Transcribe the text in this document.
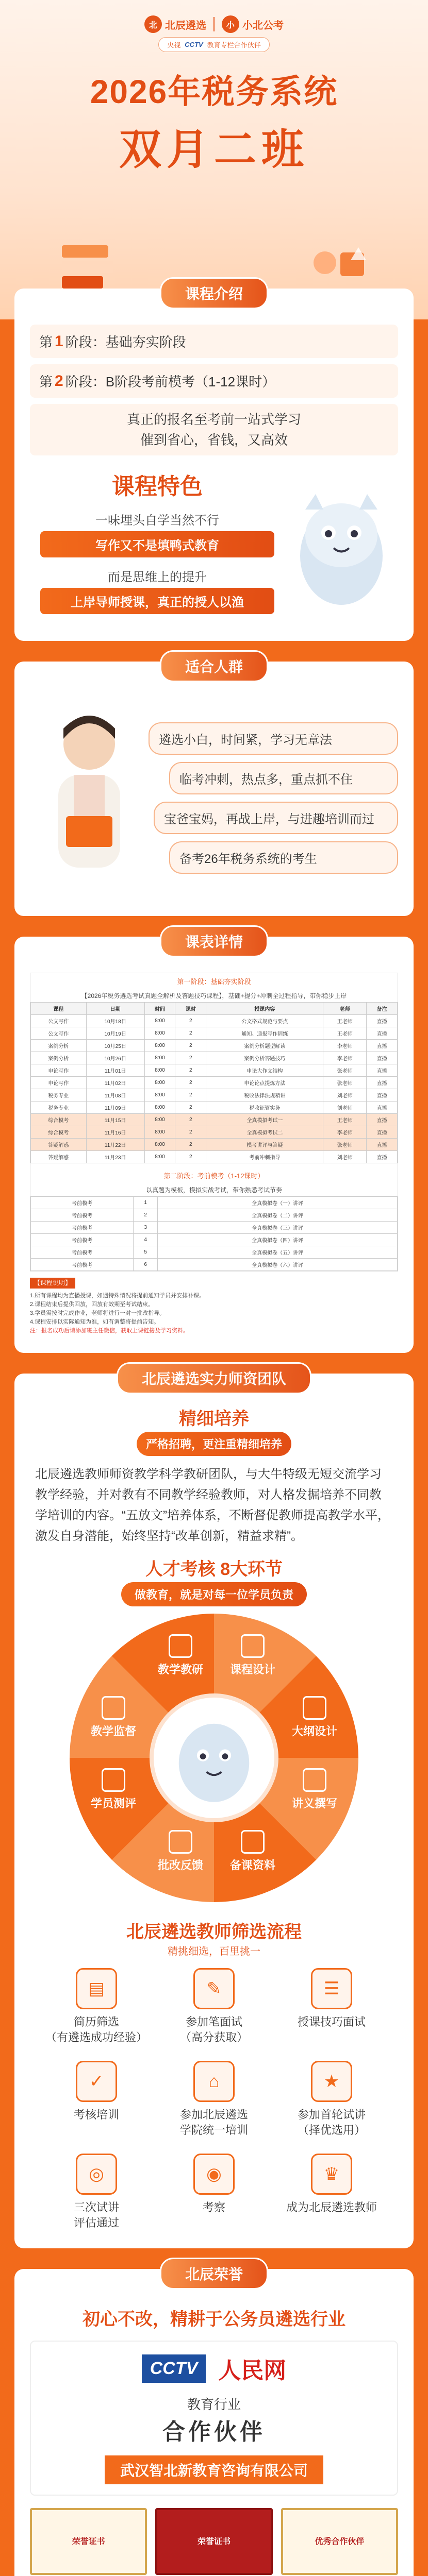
北 北辰遴选	小 小北公考
央视 CCTV 教育专栏合作伙伴
2026年税务系统
双月二班
课程介绍
第 1 阶段： 基础夯实阶段
第 2 阶段： B阶段考前模考（1-12课时）
真正的报名至考前一站式学习
催到省心，省钱，又高效
课程特色
一味埋头自学当然不行
写作又不是填鸭式教育
而是思维上的提升
上岸导师授课，真正的授人以渔
适合人群
遴选小白，时间紧，学习无章法
临考冲刺，热点多，重点抓不住
宝爸宝妈，再战上岸，与进趣培训而过
备考26年税务系统的考生
课表详情
第一阶段：基础夯实阶段
【2026年税务遴选考试真题全解析及答题技巧课程】，基础+提分+冲刺全过程指导，带你稳步上岸
课程	日期	时间	课时	授课内容	老师	备注
公文写作	10月18日	8:00	2	公文格式规范与要点	王老师	直播
公文写作	10月19日	8:00	2	通知、通报写作训练	王老师	直播
案例分析	10月25日	8:00	2	案例分析题型解读	李老师	直播
案例分析	10月26日	8:00	2	案例分析答题技巧	李老师	直播
申论写作	11月01日	8:00	2	申论大作文结构	张老师	直播
申论写作	11月02日	8:00	2	申论论点提炼方法	张老师	直播
税务专业	11月08日	8:00	2	税收法律法规精讲	刘老师	直播
税务专业	11月09日	8:00	2	税收征管实务	刘老师	直播
综合模考	11月15日	8:00	2	全真模拟考试一	王老师	直播
综合模考	11月16日	8:00	2	全真模拟考试二	李老师	直播
答疑解惑	11月22日	8:00	2	模考讲评与答疑	张老师	直播
答疑解惑	11月23日	8:00	2	考前冲刺指导	刘老师	直播
第二阶段：考前模考（1-12课时）
以真题为模板，模拟实战考试，带你熟悉考试节奏
考前模考	1	全真模拟卷（一）讲评
考前模考	2	全真模拟卷（二）讲评
考前模考	3	全真模拟卷（三）讲评
考前模考	4	全真模拟卷（四）讲评
考前模考	5	全真模拟卷（五）讲评
考前模考	6	全真模拟卷（六）讲评
【课程说明】
1.所有课程均为直播授课，如遇特殊情况将提前通知学员并安排补课。
2.课程结束后提供回放，回放有效期至考试结束。
3.学员需按时完成作业，老师将进行一对一批改指导。
4.课程安排以实际通知为准，如有调整将提前告知。
注：报名成功后请添加班主任微信，获取上课链接及学习资料。
北辰遴选实力师资团队
精细培养
严格招聘，更注重精细培养
北辰遴选教师师资教学科学教研团队，与大牛特级无短交流学习教学经验，并对教有不同教学经验教师，对人格发掘培养不同教学培训的内容。“五放文”培养体系，不断督促教师提高教学水平，激发自身潜能，始终坚持“改革创新，精益求精”。
人才考核 8大环节
做教育，就是对每一位学员负责
教学教研	课程设计
大纲设计
讲义撰写
备课资料
批改反馈
学员测评
教学监督
北辰遴选教师筛选流程
精挑细选，百里挑一
▤
简历筛选
（有遴选成功经验）
✎
参加笔面试
（高分获取）
☰
授课技巧面试
✓
考核培训
⌂
参加北辰遴选
学院统一培训
★
参加首轮试讲
（择优选用）
◎
三次试讲
评估通过
◉
考察
♛
成为北辰遴选教师
北辰荣誉
初心不改，精耕于公务员遴选行业
CCTV 人民网
教育行业
合作伙伴
武汉智北新教育咨询有限公司
荣誉证书	荣誉证书	优秀合作伙伴
